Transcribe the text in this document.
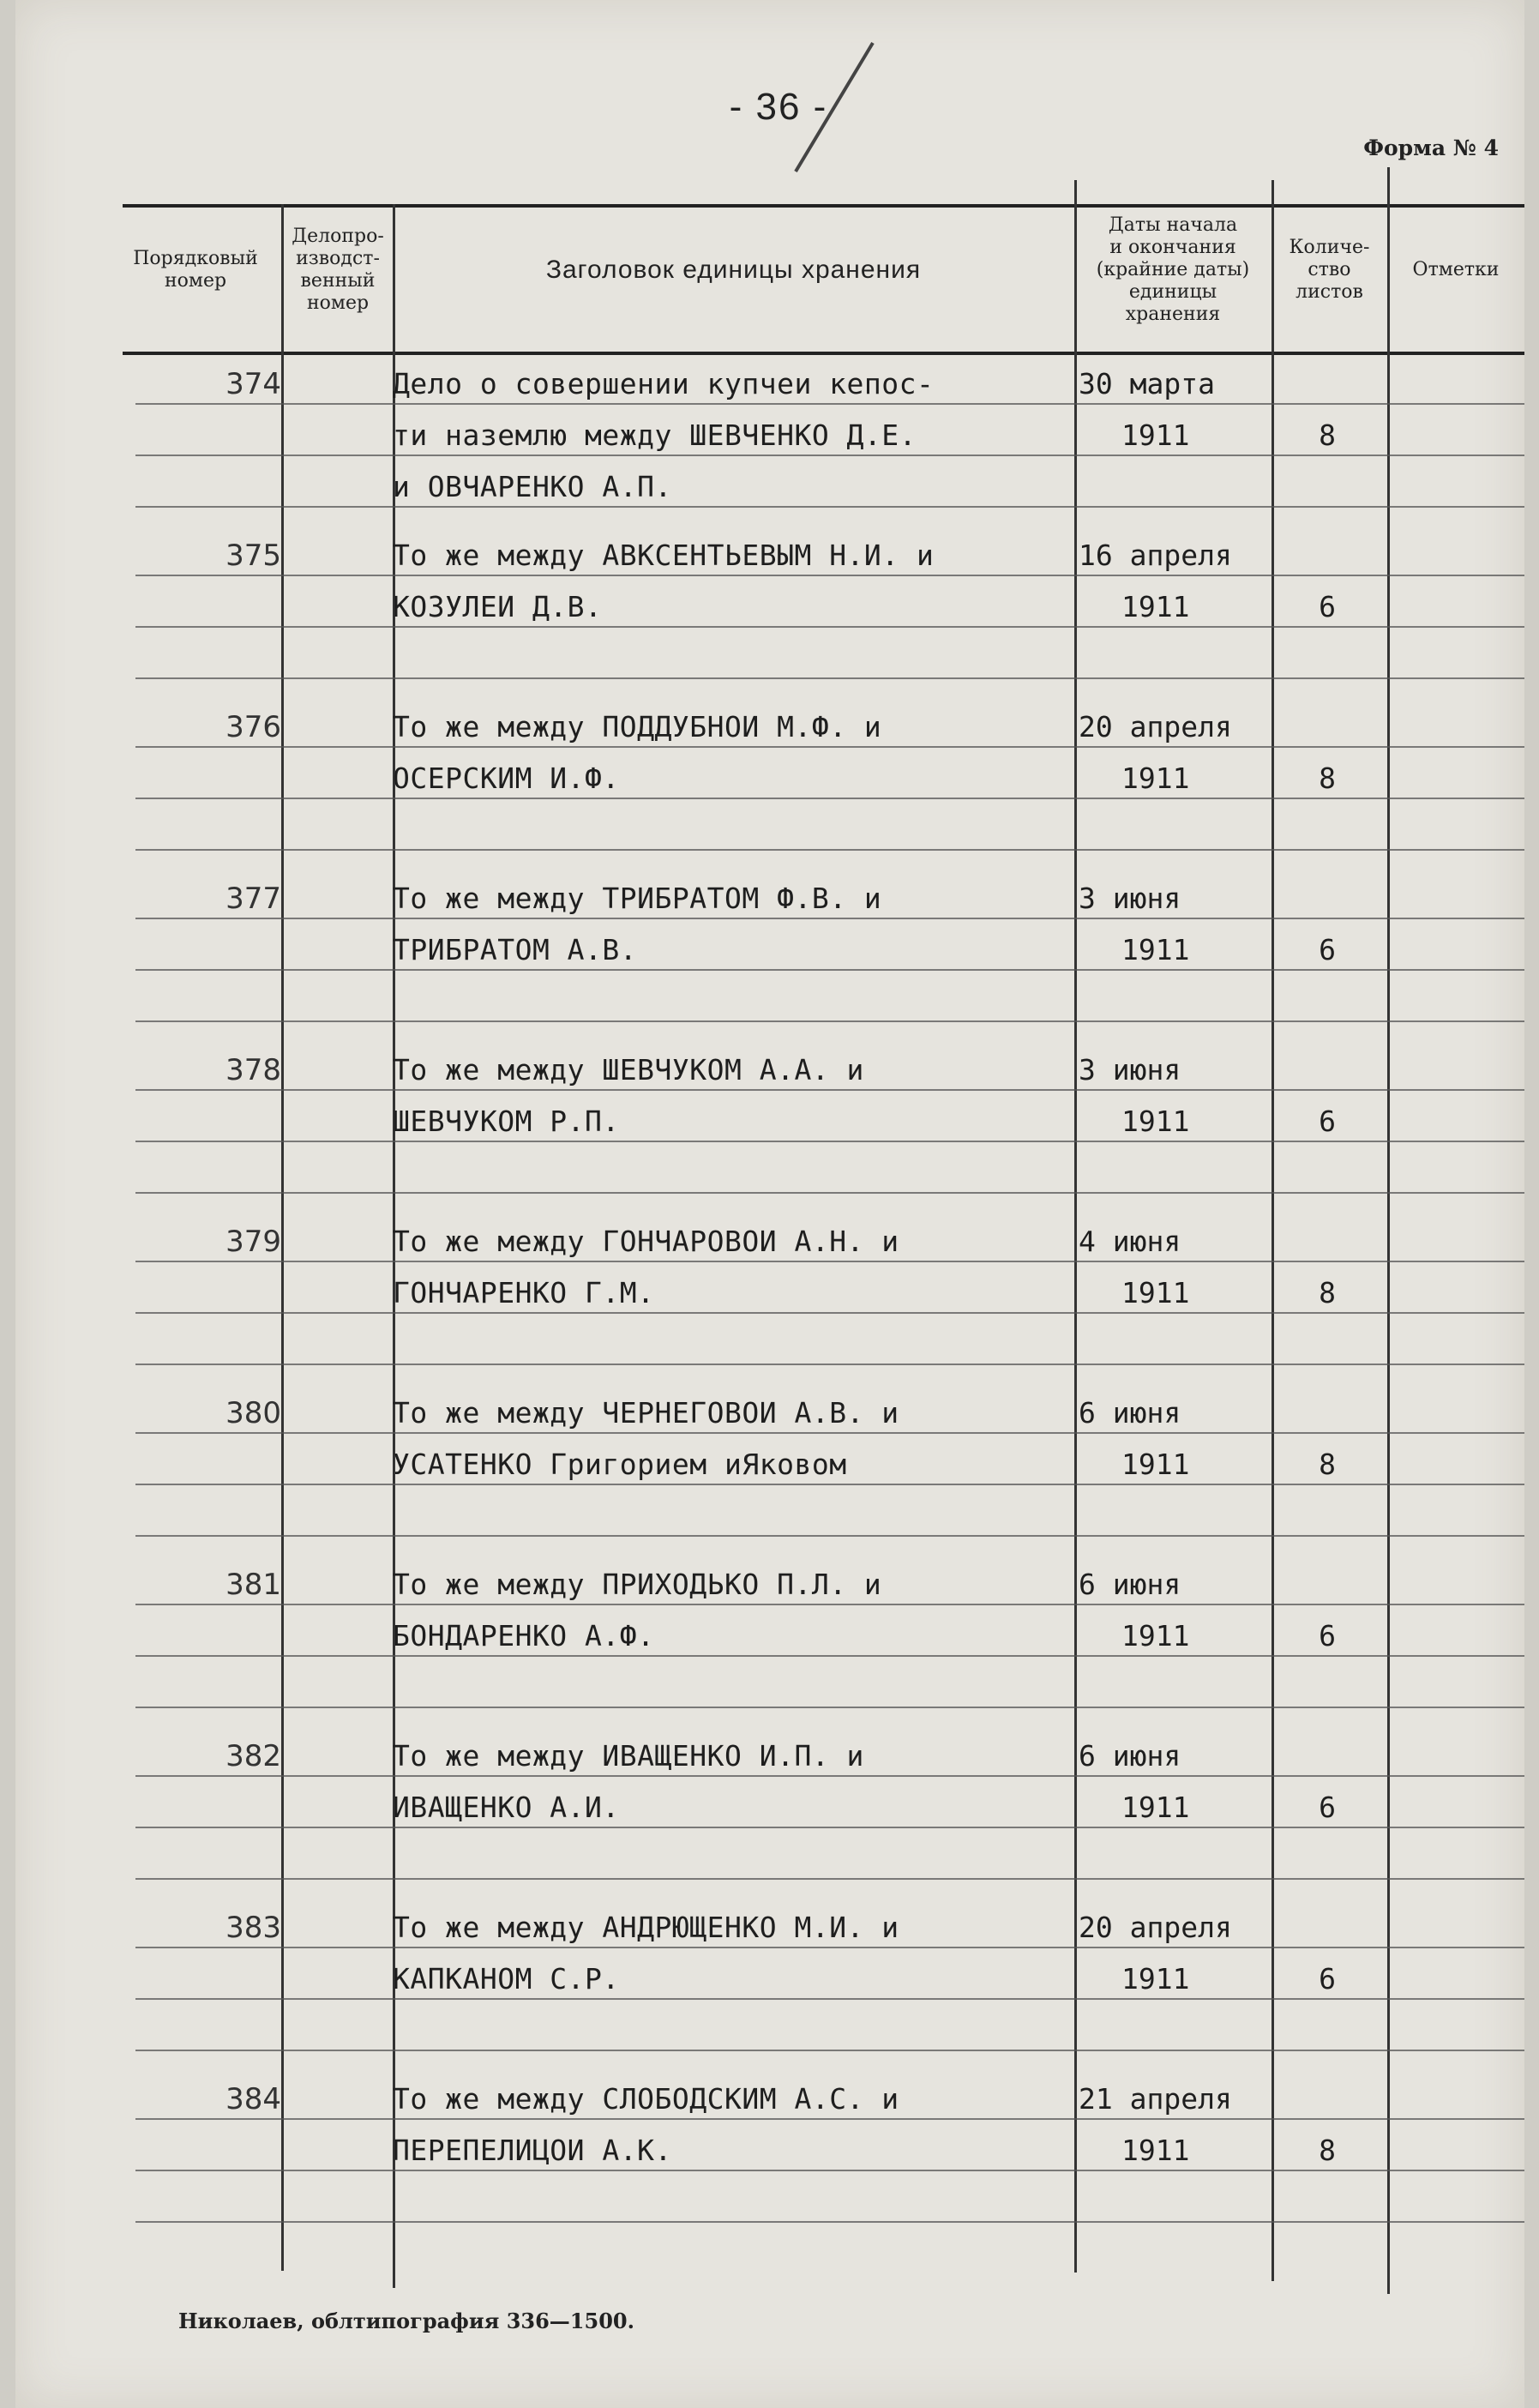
- 36 -
Форма № 4
Порядковый
номер
Делопро-
изводст-
венный
номер
Заголовок единицы хранения
Даты начала
и окончания
(крайние даты)
единицы
хранения
Количе-
ство
листов
Отметки
374	Дело о совершении купчеи кепос-
ти наземлю между ШЕВЧЕНКО Д.Е.
и ОВЧАРЕНКО А.П.
30 марта
1911	8
375	То же между АВКСЕНТЬЕВЫМ Н.И. и
КОЗУЛЕИ Д.В.
16 апреля
1911	6
376	То же между ПОДДУБНОИ М.Ф. и
ОСЕРСКИМ И.Ф.
20 апреля
1911	8
377	То же между ТРИБРАТОМ Ф.В. и
ТРИБРАТОМ А.В.
3 июня
1911	6
378	То же между ШЕВЧУКОМ А.А. и
ШЕВЧУКОМ Р.П.
3 июня
1911	6
379	То же между ГОНЧАРОВОИ А.Н. и
ГОНЧАРЕНКО Г.М.
4 июня
1911	8
380	То же между ЧЕРНЕГОВОИ А.В. и
УСАТЕНКО Григорием иЯковом
6 июня
1911	8
381	То же между ПРИХОДЬКО П.Л. и
БОНДАРЕНКО А.Ф.
6 июня
1911	6
382	То же между ИВАЩЕНКО И.П. и
ИВАЩЕНКО А.И.
6 июня
1911	6
383	То же между АНДРЮЩЕНКО М.И. и
КАПКАНОМ С.Р.
20 апреля
1911	6
384	То же между СЛОБОДСКИМ А.С. и
ПЕРЕПЕЛИЦОИ А.К.
21 апреля
1911	8
Николаев, облтипография 336—1500.
